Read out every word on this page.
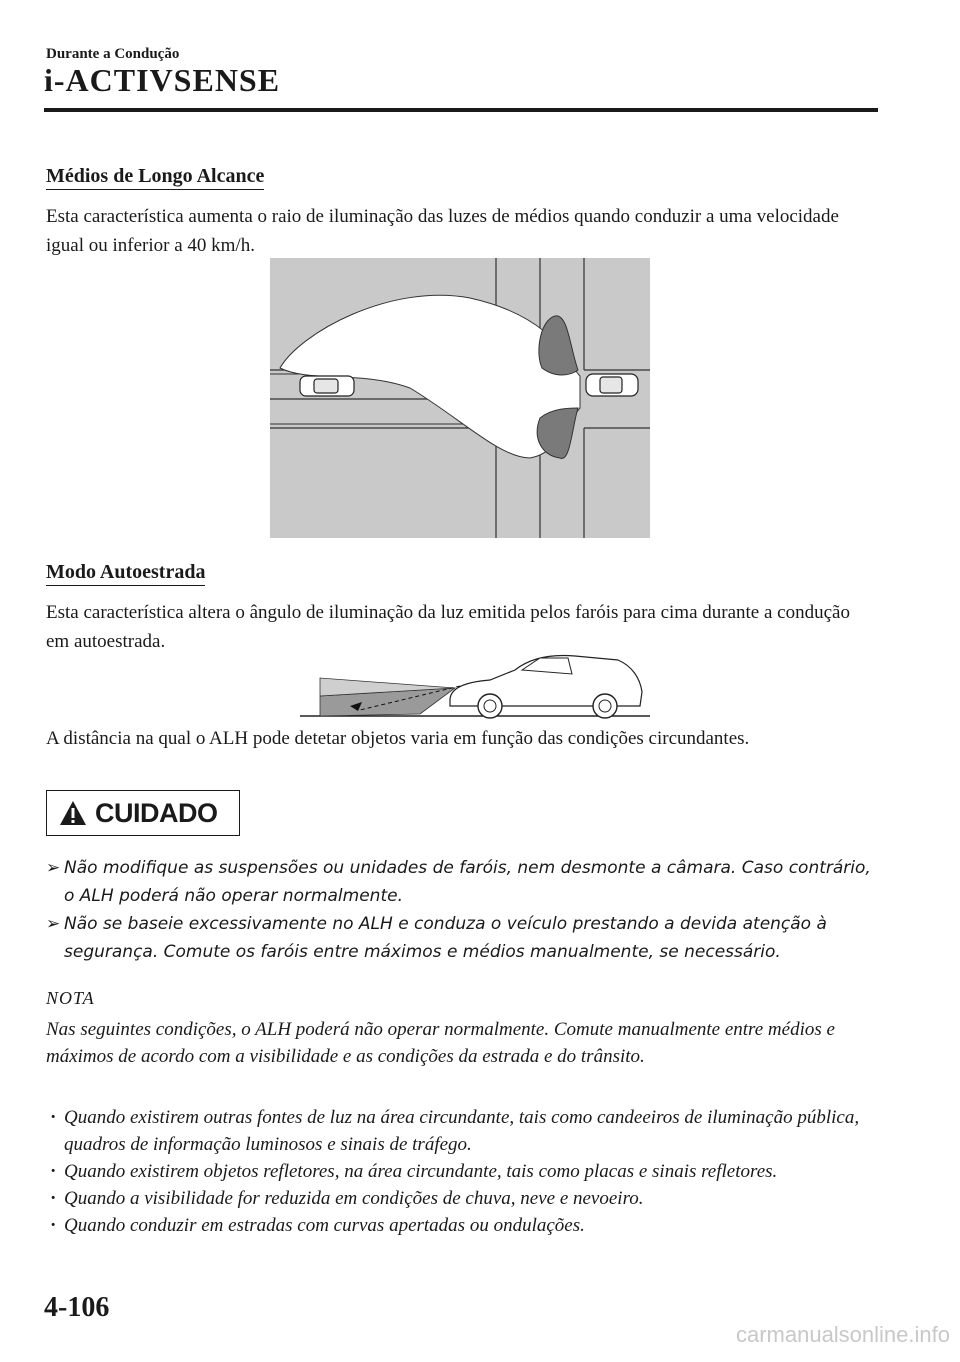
Durante a Condução
i-ACTIVSENSE
Médios de Longo Alcance

Esta característica aumenta o raio de iluminação das luzes de médios quando conduzir a uma velocidade igual ou inferior a 40 km/h.

Modo Autoestrada

Esta característica altera o ângulo de iluminação da luz emitida pelos faróis para cima durante a condução em autoestrada.

A distância na qual o ALH pode detetar objetos varia em função das condições circundantes.

CUIDADO

➢ Não modifique as suspensões ou unidades de faróis, nem desmonte a câmara. Caso contrário, o ALH poderá não operar normalmente.

➢ Não se baseie excessivamente no ALH e conduza o veículo prestando a devida atenção à segurança. Comute os faróis entre máximos e médios manualmente, se necessário.

NOTA

Nas seguintes condições, o ALH poderá não operar normalmente. Comute manualmente entre médios e máximos de acordo com a visibilidade e as condições da estrada e do trânsito.

· Quando existirem outras fontes de luz na área circundante, tais como candeeiros de iluminação pública, quadros de informação luminosos e sinais de tráfego.
· Quando existirem objetos refletores, na área circundante, tais como placas e sinais refletores.
· Quando a visibilidade for reduzida em condições de chuva, neve e nevoeiro.
· Quando conduzir em estradas com curvas apertadas ou ondulações.
4-106
carmanualsonline.info
